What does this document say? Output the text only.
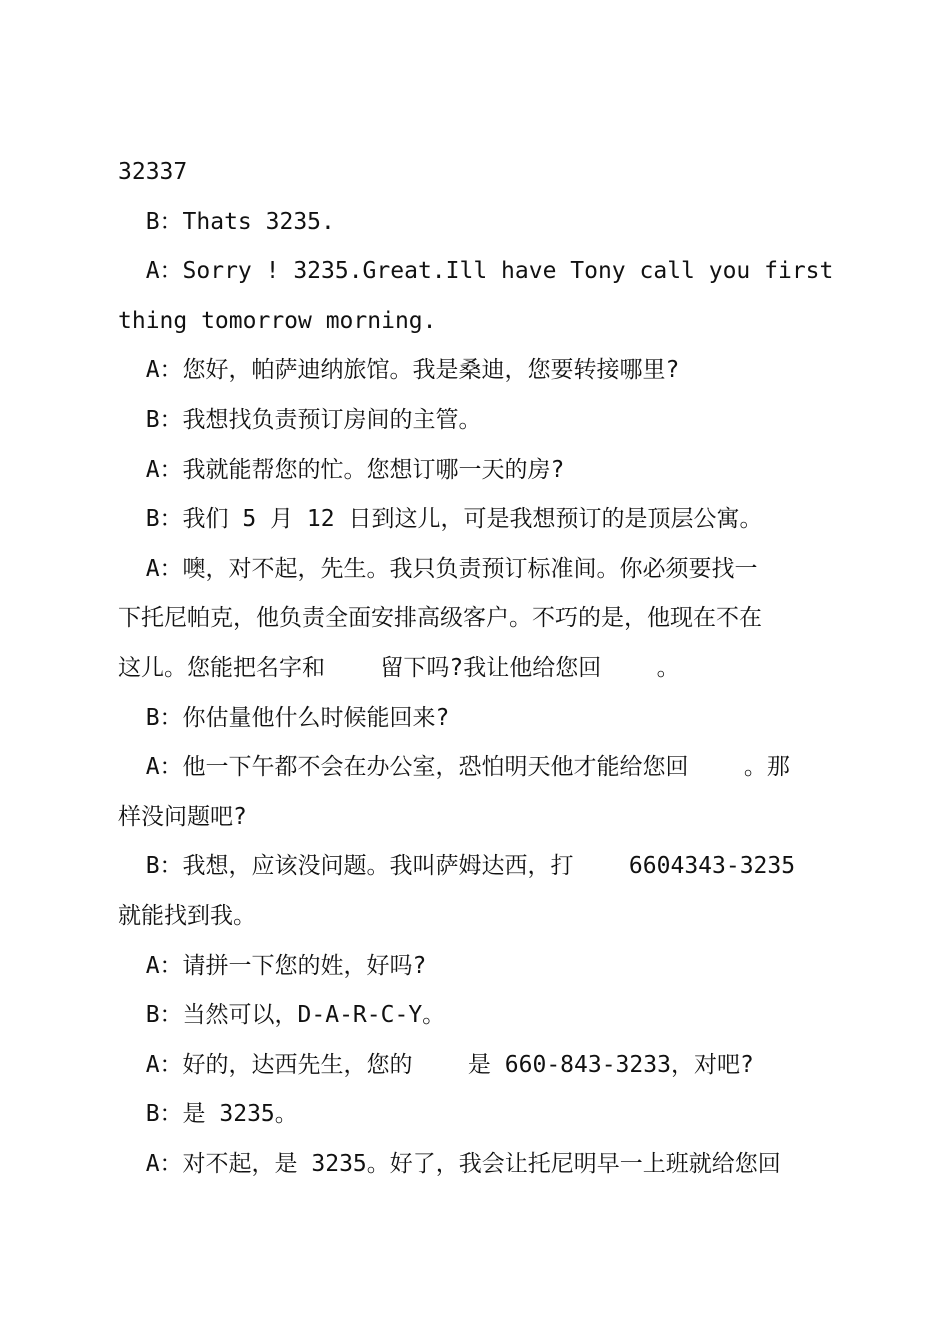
32337
B：Thats 3235.
A：Sorry ! 3235.Great.Ill have Tony call you first
thing tomorrow morning.
A：您好，帕萨迪纳旅馆。我是桑迪，您要转接哪里?
B：我想找负责预订房间的主管。
A：我就能帮您的忙。您想订哪一天的房?
B：我们 5 月 12 日到这儿，可是我想预订的是顶层公寓。
A：噢，对不起，先生。我只负责预订标准间。你必须要找一
下托尼帕克，他负责全面安排高级客户。不巧的是，他现在不在
这儿。您能把名字和    留下吗?我让他给您回    。
B：你估量他什么时候能回来?
A：他一下午都不会在办公室，恐怕明天他才能给您回    。那
样没问题吧?
B：我想，应该没问题。我叫萨姆达西，打    6604343-3235
就能找到我。
A：请拼一下您的姓，好吗?
B：当然可以，D-A-R-C-Y。
A：好的，达西先生，您的    是 660-843-3233，对吧?
B：是 3235。
A：对不起，是 3235。好了，我会让托尼明早一上班就给您回
